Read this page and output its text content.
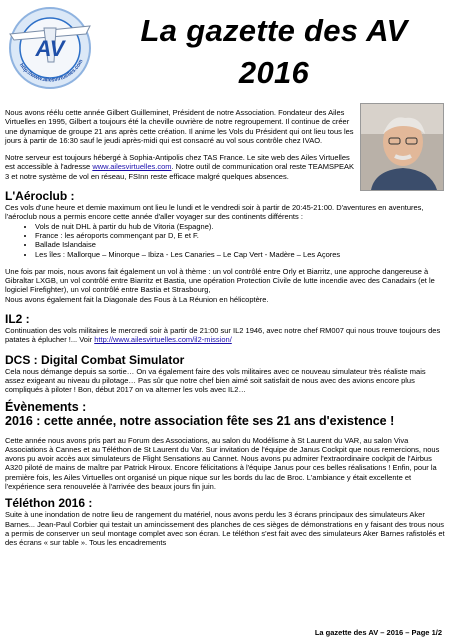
AV
http://www.ailesvirtuelles.com
La gazette des AV
2016

Nous avons réélu cette année Gilbert Guilleminet, Président de notre Association. Fondateur des Ailes Virtuelles en 1995, Gilbert a toujours été la cheville ouvrière de notre regroupement. Il continue de créer une dynamique de groupe 21 ans après cette création. Il anime les Vols du Président qui ont lieu tous les jours à partir de 16:30 sauf le jeudi après-midi qui est consacré au vol sous contrôle chez IVAO.

Notre serveur est toujours hébergé à Sophia-Antipolis chez TAS France. Le site web des Ailes Virtuelles est accessible à l'adresse www.ailesvirtuelles.com. Notre outil de communication oral reste TEAMSPEAK 3 et notre système de vol en réseau, FSInn reste efficace malgré quelques absences.

L'Aéroclub :

Ces vols d'une heure et demie maximum ont lieu le lundi et le vendredi soir à partir de 20:45-21:00. D'aventures en aventures, l'aéroclub nous a permis encore cette année d'aller voyager sur des continents différents :

• Vols de nuit DHL à partir du hub de Vitoria (Espagne).
• France : les aéroports commençant par D, E et F.
• Ballade Islandaise
• Les îles : Mallorque – Minorque – Ibiza - Les Canaries – Le Cap Vert - Madère – Les Açores

Une fois par mois, nous avons fait également un vol à thème : un vol contrôlé entre Orly et Biarritz, une approche dangereuse à Gibraltar LXGB, un vol contrôlé entre Biarritz et Bastia, une opération Protection Civile de lutte incendie avec des Canadairs (et le logiciel Firefighter), un vol contrôlé entre Bastia et Strasbourg,

Nous avons également fait la Diagonale des Fous à La Réunion en hélicoptère.

IL2 :

Continuation des vols militaires le mercredi soir à partir de 21:00 sur IL2 1946, avec notre chef RM007 qui nous trouve toujours des patates à éplucher !... Voir http://www.ailesvirtuelles.com/il2-mission/

DCS : Digital Combat Simulator

Cela nous démange depuis sa sortie… On va également faire des vols militaires avec ce nouveau simulateur très réaliste mais assez exigeant au niveau du pilotage… Pas sûr que notre chef bien aimé soit satisfait de nous avec des avions encore plus compliqués à piloter ! Bon, début 2017 on va alterner les vols avec IL2…

Évènements :
2016 : cette année, notre association fête ses 21 ans d'existence !

Cette année nous avons pris part au Forum des Associations, au salon du Modélisme à St Laurent du VAR, au salon Viva Associations à Cannes et au Téléthon de St Laurent du Var. Sur invitation de l'équipe de Janus Cockpit que nous remercions, nous avons pu avoir accès aux simulateurs de Flight Sensations au Cannet. Nous avons pu admirer l'extraordinaire cockpit de l'Airbus A320 piloté de mains de maître par Patrick Hiroux. Encore félicitations à l'équipe Janus pour ces belles réalisations ! Enfin, pour la première fois, les Ailes Virtuelles ont organisé un pique nique sur les bords du lac de Broc. L'ambiance y était excellente et l'expérience sera renouvelée à l'arrivée des beaux jours fin juin.

Téléthon 2016 :

Suite à une inondation de notre lieu de rangement du matériel, nous avons perdu les 3 écrans principaux des simulateurs Aker Barnes... Jean-Paul Corbier qui testait un amincissement des planches de ces sièges de démonstrations en y faisant des trous nous a permis de conserver un seul montage complet avec son écran. Le téléthon s'est fait avec des simulateurs Aker Barnes rafistolés et des écrans « sur table ». Tous les encadrements

La gazette des AV – 2016 – Page 1/2
